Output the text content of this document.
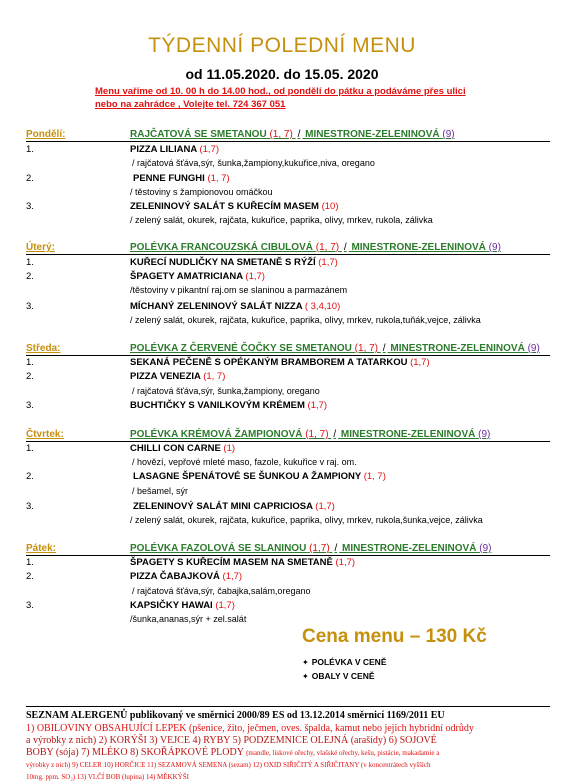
TÝDENNÍ POLEDNÍ MENU
od 11.05.2020. do 15.05. 2020
Menu vaříme od 10. 00 h do 14.00 hod., od pondělí do pátku a podáváme přes ulici
nebo na zahrádce , Volejte tel. 724 367 051
Pondělí:	RAJČATOVÁ SE SMETANOU (1, 7) / MINESTRONE-ZELENINOVÁ (9)
1.	PIZZA LILIANA (1,7)
/ rajčatová šťáva,sýr, šunka,žampiony,kukuřice,niva, oregano
2.	PENNE FUNGHI (1, 7)
/ těstoviny s žampionovou omáčkou
3.	ZELENINOVÝ SALÁT S KUŘECÍM MASEM (10)
/ zelený salát, okurek, rajčata, kukuřice, paprika, olivy, mrkev, rukola, zálivka
Úterý:	POLÉVKA FRANCOUZSKÁ CIBULOVÁ (1, 7) / MINESTRONE-ZELENINOVÁ (9)
1.	KUŘECÍ NUDLIČKY NA SMETANĚ S RÝŽÍ (1,7)
2.	ŠPAGETY AMATRICIANA (1,7)
/těstoviny v pikantní raj.om se slaninou a parmazánem
3.	MÍCHANÝ ZELENINOVÝ SALÁT NIZZA ( 3,4,10)
/ zelený salát, okurek, rajčata, kukuřice, paprika, olivy, mrkev, rukola,tuňák,vejce, zálivka
Středa:	POLÉVKA Z ČERVENÉ ČOČKY SE SMETANOU (1, 7) / MINESTRONE-ZELENINOVÁ (9)
1.	SEKANÁ PEČENĚ S OPÉKANÝM BRAMBOREM A TATARKOU (1,7)
2.	PIZZA VENEZIA (1, 7)
/ rajčatová šťáva,sýr, šunka,žampiony, oregano
3.	BUCHTIČKY S VANILKOVÝM KRÉMEM (1,7)
Čtvrtek:	POLÉVKA KRÉMOVÁ ŽAMPIONOVÁ (1, 7) / MINESTRONE-ZELENINOVÁ (9)
1.	CHILLI CON CARNE (1)
/ hovězí, vepřové mleté maso, fazole, kukuřice v raj. om.
2.	LASAGNE ŠPENÁTOVÉ SE ŠUNKOU A ŽAMPIONY (1, 7)
/ bešamel, sýr
3.	ZELENINOVÝ SALÁT MINI CAPRICIOSA (1,7)
/ zelený salát, okurek, rajčata, kukuřice, paprika, olivy, mrkev, rukola,šunka,vejce, zálivka
Pátek:	POLÉVKA FAZOLOVÁ SE SLANINOU (1,7) / MINESTRONE-ZELENINOVÁ (9)
1.	ŠPAGETY S KUŘECÍM MASEM NA SMETANĚ (1,7)
2.	PIZZA ČABAJKOVÁ (1,7)
/ rajčatová šťáva,sýr, čabajka,salám,oregano
3.	KAPSIČKY HAWAI (1,7)
/šunka,ananas,sýr + zel.salát
Cena menu – 130 Kč
✦ POLÉVKA V CENĚ
✦ OBALY V CENĚ
SEZNAM ALERGENŮ publikovaný ve směrnici 2000/89 ES od 13.12.2014 směrnicí 1169/2011 EU
1) OBILOVINY OBSAHUJÍCÍ LEPEK (pšenice, žito, ječmen, oves. špalda, kamut nebo jejich hybridní odrůdy
a výrobky z nich) 2) KORÝŠI 3) VEJCE 4) RYBY 5) PODZEMNICE OLEJNÁ (arašídy) 6) SOJOVÉ
BOBY (sója) 7) MLÉKO 8) SKOŘÁPKOVÉ PLODY (mandle, lískové ořechy, vlašské ořechy, kešu, pistácie, makadamie a
výrobky z nich) 9) CELER 10) HORČICE 11) SEZAMOVÁ SEMENA (sezam) 12) OXID SIŘIČITÝ A SIŘIČITANY (v koncentrátech vyšších
10mg. ppm. SO₂) 13) VLČÍ BOB (lupina) 14) MĚKKÝŠI
